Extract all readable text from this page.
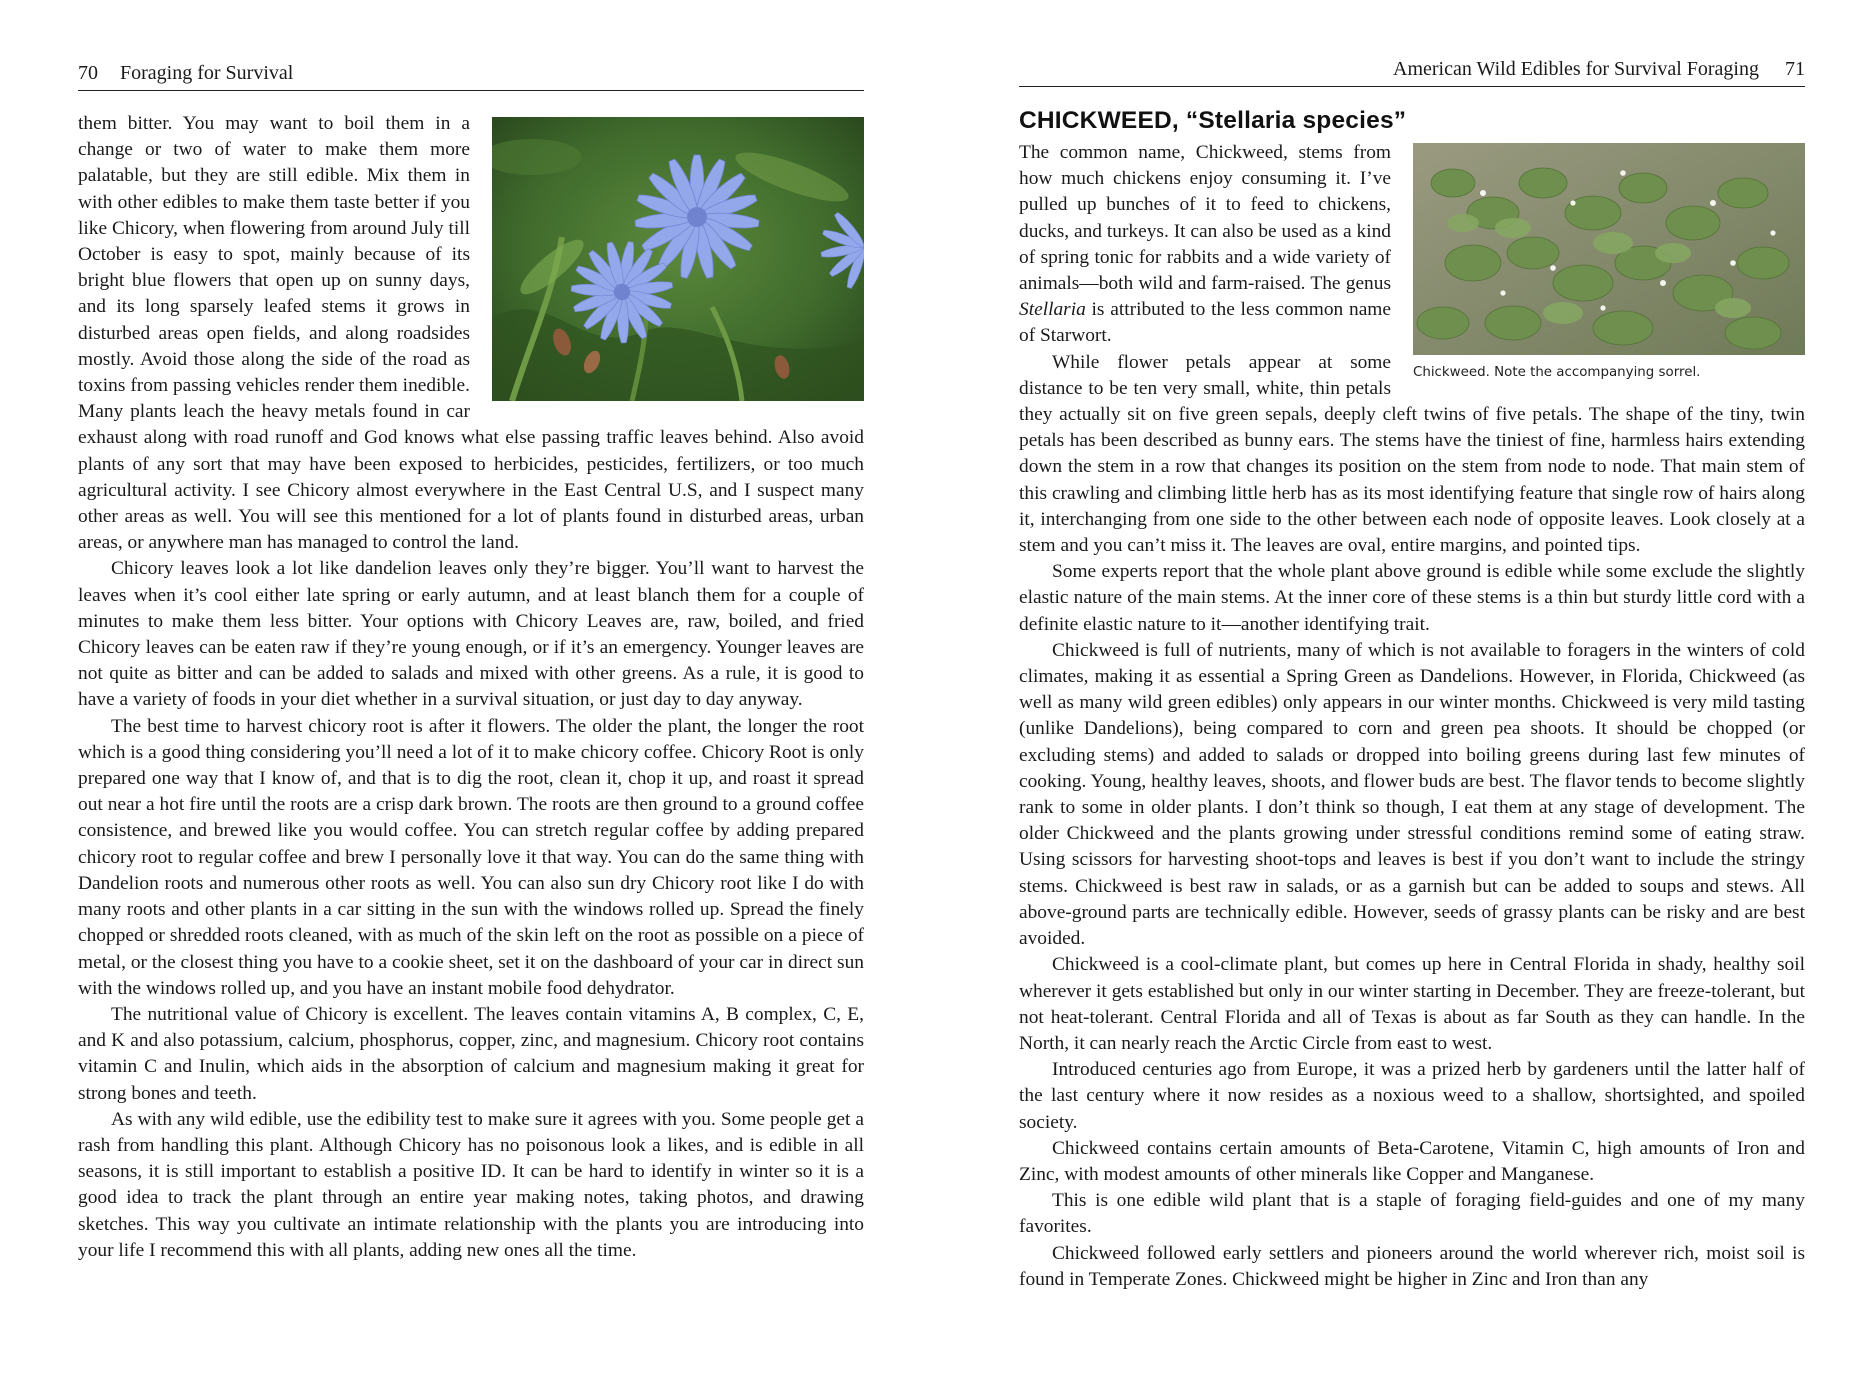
70 Foraging for Survival

them bitter. You may want to boil them in a change or two of water to make them more palatable, but they are still edible. Mix them in with other edibles to make them taste better if you like Chicory, when flowering from around July till October is easy to spot, mainly because of its bright blue flowers that open up on sunny days, and its long sparsely leafed stems it grows in disturbed areas open fields, and along roadsides mostly. Avoid those along the side of the road as toxins from passing vehicles render them inedible. Many plants leach the heavy metals found in car exhaust along with road runoff and God knows what else passing traffic leaves behind. Also avoid plants of any sort that may have been exposed to herbicides, pesticides, fertilizers, or too much agricultural activity. I see Chicory almost everywhere in the East Central U.S, and I suspect many other areas as well. You will see this mentioned for a lot of plants found in disturbed areas, urban areas, or anywhere man has managed to control the land.

Chicory leaves look a lot like dandelion leaves only they’re bigger. You’ll want to harvest the leaves when it’s cool either late spring or early autumn, and at least blanch them for a couple of minutes to make them less bitter. Your options with Chicory Leaves are, raw, boiled, and fried Chicory leaves can be eaten raw if they’re young enough, or if it’s an emergency. Younger leaves are not quite as bitter and can be added to salads and mixed with other greens. As a rule, it is good to have a variety of foods in your diet whether in a survival situation, or just day to day anyway.

The best time to harvest chicory root is after it flowers. The older the plant, the longer the root which is a good thing considering you’ll need a lot of it to make chicory coffee. Chicory Root is only prepared one way that I know of, and that is to dig the root, clean it, chop it up, and roast it spread out near a hot fire until the roots are a crisp dark brown. The roots are then ground to a ground coffee consistence, and brewed like you would coffee. You can stretch regular coffee by adding prepared chicory root to regular coffee and brew I personally love it that way. You can do the same thing with Dandelion roots and numerous other roots as well. You can also sun dry Chicory root like I do with many roots and other plants in a car sitting in the sun with the windows rolled up. Spread the finely chopped or shredded roots cleaned, with as much of the skin left on the root as possible on a piece of metal, or the closest thing you have to a cookie sheet, set it on the dashboard of your car in direct sun with the windows rolled up, and you have an instant mobile food dehydrator.

The nutritional value of Chicory is excellent. The leaves contain vitamins A, B complex, C, E, and K and also potassium, calcium, phosphorus, copper, zinc, and magnesium. Chicory root contains vitamin C and Inulin, which aids in the absorption of calcium and magnesium making it great for strong bones and teeth.

As with any wild edible, use the edibility test to make sure it agrees with you. Some people get a rash from handling this plant. Although Chicory has no poisonous look a likes, and is edible in all seasons, it is still important to establish a positive ID. It can be hard to identify in winter so it is a good idea to track the plant through an entire year making notes, taking photos, and drawing sketches. This way you cultivate an intimate relationship with the plants you are introducing into your life I recommend this with all plants, adding new ones all the time.

American Wild Edibles for Survival Foraging 71
CHICKWEED, “Stellaria species”
Chickweed. Note the accompanying sorrel.

The common name, Chickweed, stems from how much chickens enjoy consuming it. I’ve pulled up bunches of it to feed to chickens, ducks, and turkeys. It can also be used as a kind of spring tonic for rabbits and a wide variety of animals—both wild and farm-raised. The genus Stellaria is attributed to the less common name of Starwort.

While flower petals appear at some distance to be ten very small, white, thin petals they actually sit on five green sepals, deeply cleft twins of five petals. The shape of the tiny, twin petals has been described as bunny ears. The stems have the tiniest of fine, harmless hairs extending down the stem in a row that changes its position on the stem from node to node. That main stem of this crawling and climbing little herb has as its most identifying feature that single row of hairs along it, interchanging from one side to the other between each node of opposite leaves. Look closely at a stem and you can’t miss it. The leaves are oval, entire margins, and pointed tips.

Some experts report that the whole plant above ground is edible while some exclude the slightly elastic nature of the main stems. At the inner core of these stems is a thin but sturdy little cord with a definite elastic nature to it—another identifying trait.

Chickweed is full of nutrients, many of which is not available to foragers in the winters of cold climates, making it as essential a Spring Green as Dandelions. However, in Florida, Chickweed (as well as many wild green edibles) only appears in our winter months. Chickweed is very mild tasting (unlike Dandelions), being compared to corn and green pea shoots. It should be chopped (or excluding stems) and added to salads or dropped into boiling greens during last few minutes of cooking. Young, healthy leaves, shoots, and flower buds are best. The flavor tends to become slightly rank to some in older plants. I don’t think so though, I eat them at any stage of development. The older Chickweed and the plants growing under stressful conditions remind some of eating straw. Using scissors for harvesting shoot-tops and leaves is best if you don’t want to include the stringy stems. Chickweed is best raw in salads, or as a garnish but can be added to soups and stews. All above-ground parts are technically edible. However, seeds of grassy plants can be risky and are best avoided.

Chickweed is a cool-climate plant, but comes up here in Central Florida in shady, healthy soil wherever it gets established but only in our winter starting in December. They are freeze-tolerant, but not heat-tolerant. Central Florida and all of Texas is about as far South as they can handle. In the North, it can nearly reach the Arctic Circle from east to west.

Introduced centuries ago from Europe, it was a prized herb by gardeners until the latter half of the last century where it now resides as a noxious weed to a shallow, shortsighted, and spoiled society.

Chickweed contains certain amounts of Beta-Carotene, Vitamin C, high amounts of Iron and Zinc, with modest amounts of other minerals like Copper and Manganese.

This is one edible wild plant that is a staple of foraging field-guides and one of my many favorites.

Chickweed followed early settlers and pioneers around the world wherever rich, moist soil is found in Temperate Zones. Chickweed might be higher in Zinc and Iron than any
